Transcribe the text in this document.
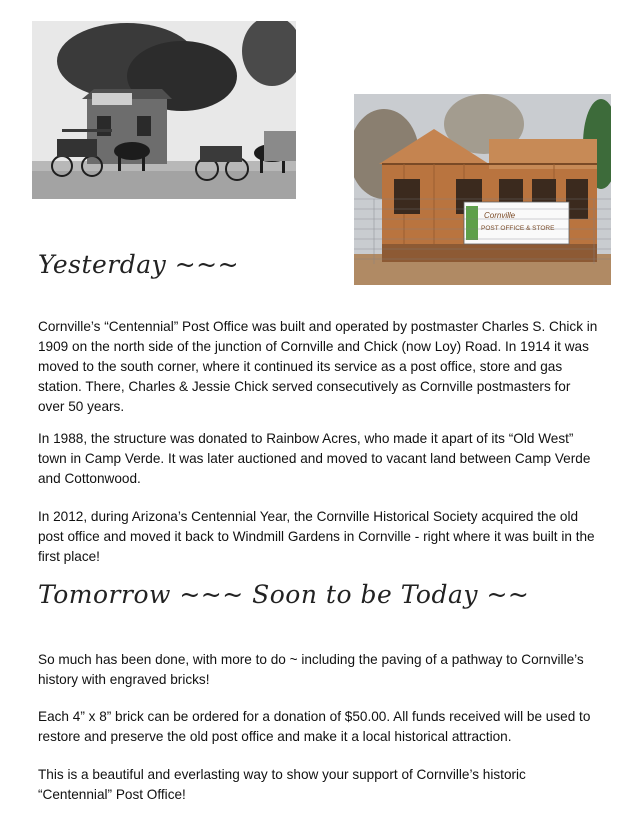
Cornville
POST OFFICE & STORE
Yesterday ~~~

Cornville’s “Centennial” Post Office was built and operated by postmaster Charles S. Chick in 1909 on the north side of the junction of Cornville and Chick (now Loy) Road. In 1914 it was moved to the south corner, where it continued its service as a post office, store and gas station. There, Charles & Jessie Chick served consecutively as Cornville postmasters for over 50 years.

In 1988, the structure was donated to Rainbow Acres, who made it apart of its “Old West” town in Camp Verde. It was later auctioned and moved to vacant land between Camp Verde and Cottonwood.

In 2012, during Arizona’s Centennial Year, the Cornville Historical Society acquired the old post office and moved it back to Windmill Gardens in Cornville - right where it was built in the first place!

Tomorrow ~~~ Soon to be Today ~~

So much has been done, with more to do ~ including the paving of a pathway to Cornville’s history with engraved bricks!

Each 4” x 8” brick can be ordered for a donation of $50.00. All funds received will be used to restore and preserve the old post office and make it a local historical attraction.

This is a beautiful and everlasting way to show your support of Cornville’s historic “Centennial” Post Office!
